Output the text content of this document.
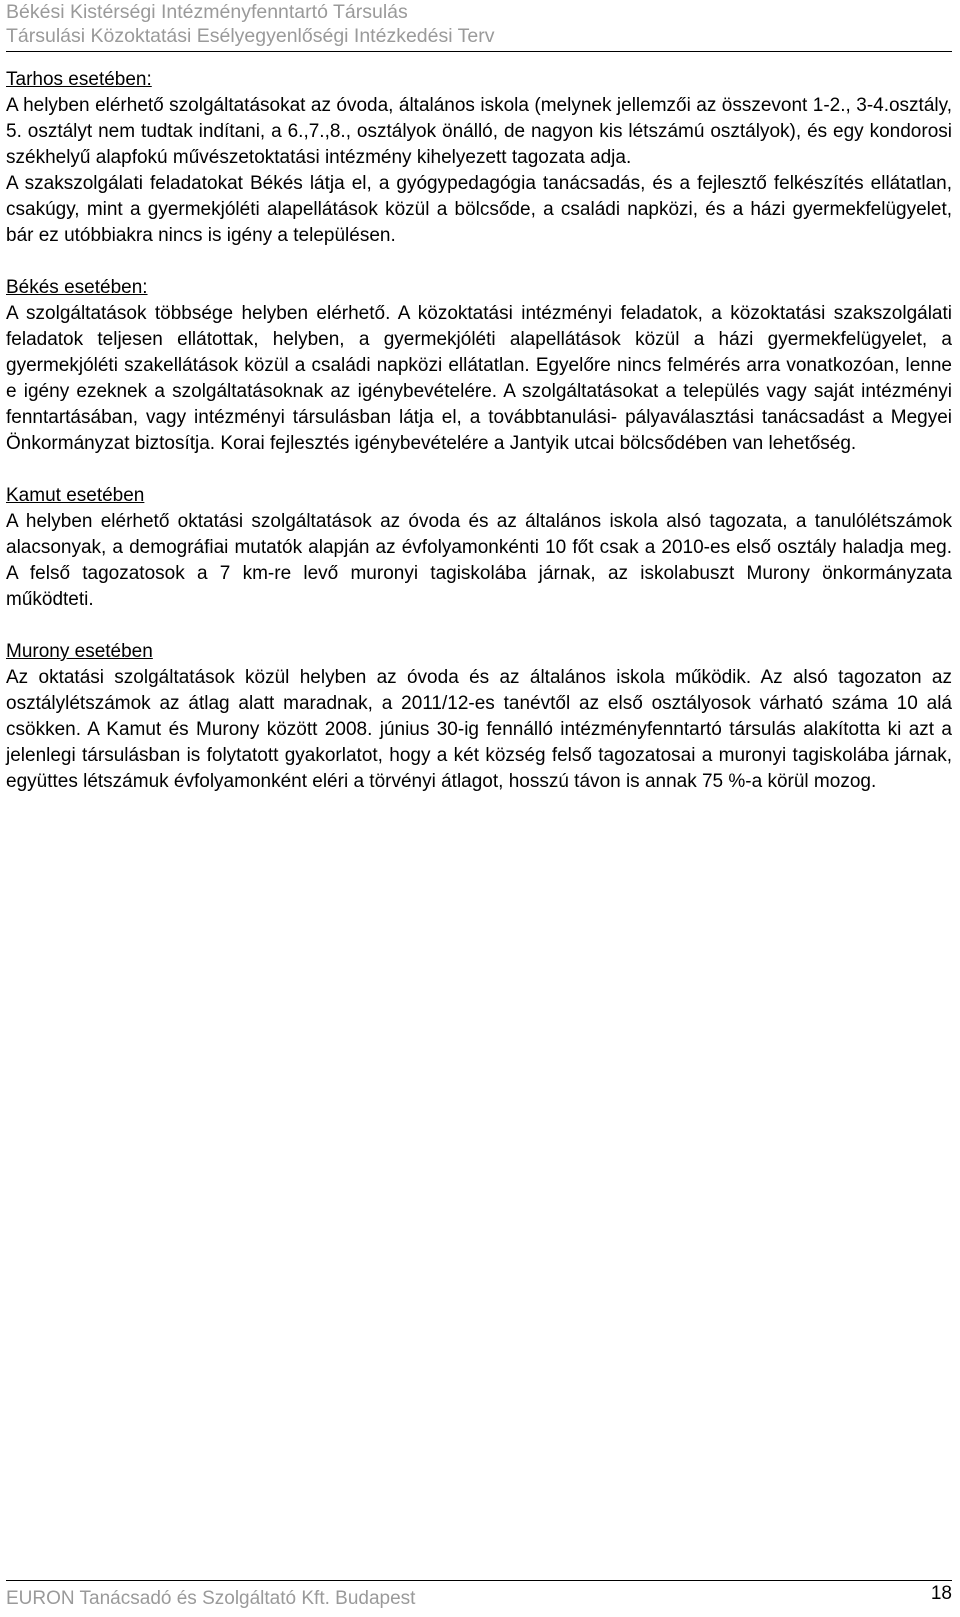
Békési Kistérségi Intézményfenntartó Társulás
Társulási Közoktatási Esélyegyenlőségi Intézkedési Terv
Tarhos esetében:

A helyben elérhető szolgáltatásokat az óvoda, általános iskola (melynek jellemzői az összevont 1-2., 3-4.osztály, 5. osztályt nem tudtak indítani, a 6.,7.,8., osztályok önálló, de nagyon kis létszámú osztályok), és egy kondorosi székhelyű alapfokú művészetoktatási intézmény kihelyezett tagozata adja.

A szakszolgálati feladatokat Békés látja el, a gyógypedagógia tanácsadás, és a fejlesztő felkészítés ellátatlan, csakúgy, mint a gyermekjóléti alapellátások közül a bölcsőde, a családi napközi, és a házi gyermekfelügyelet, bár ez utóbbiakra nincs is igény a településen.

Békés esetében:

A szolgáltatások többsége helyben elérhető. A közoktatási intézményi feladatok, a közoktatási szakszolgálati feladatok teljesen ellátottak, helyben, a gyermekjóléti alapellátások közül a házi gyermekfelügyelet, a gyermekjóléti szakellátások közül a családi napközi ellátatlan. Egyelőre nincs felmérés arra vonatkozóan, lenne e igény ezeknek a szolgáltatásoknak az igénybevételére. A szolgáltatásokat a település vagy saját intézményi fenntartásában, vagy intézményi társulásban látja el, a továbbtanulási- pályaválasztási tanácsadást a Megyei Önkormányzat biztosítja. Korai fejlesztés igénybevételére a Jantyik utcai bölcsődében van lehetőség.

Kamut esetében

A helyben elérhető oktatási szolgáltatások az óvoda és az általános iskola alsó tagozata, a tanulólétszámok alacsonyak, a demográfiai mutatók alapján az évfolyamonkénti 10 főt csak a 2010-es első osztály haladja meg. A felső tagozatosok a 7 km-re levő muronyi tagiskolába járnak, az iskolabuszt Murony önkormányzata működteti.

Murony esetében

Az oktatási szolgáltatások közül helyben az óvoda és az általános iskola működik. Az alsó tagozaton az osztálylétszámok az átlag alatt maradnak, a 2011/12-es tanévtől az első osztályosok várható száma 10 alá csökken. A Kamut és Murony között 2008. június 30-ig fennálló intézményfenntartó társulás alakította ki azt a jelenlegi társulásban is folytatott gyakorlatot, hogy a két község felső tagozatosai a muronyi tagiskolába járnak, együttes létszámuk évfolyamonként eléri a törvényi átlagot, hosszú távon is annak 75 %-a körül mozog.

EURON Tanácsadó és Szolgáltató Kft. Budapest	18
